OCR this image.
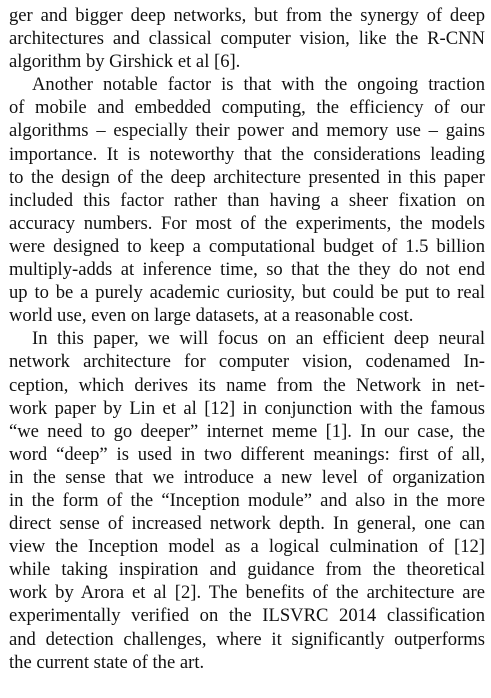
ger and bigger deep networks, but from the synergy of deep
architectures and classical computer vision, like the R-CNN
algorithm by Girshick et al [6].
Another notable factor is that with the ongoing traction
of mobile and embedded computing, the efficiency of our
algorithms – especially their power and memory use – gains
importance. It is noteworthy that the considerations leading
to the design of the deep architecture presented in this paper
included this factor rather than having a sheer fixation on
accuracy numbers. For most of the experiments, the models
were designed to keep a computational budget of 1.5 billion
multiply-adds at inference time, so that the they do not end
up to be a purely academic curiosity, but could be put to real
world use, even on large datasets, at a reasonable cost.
In this paper, we will focus on an efficient deep neural
network architecture for computer vision, codenamed In-
ception, which derives its name from the Network in net-
work paper by Lin et al [12] in conjunction with the famous
“we need to go deeper” internet meme [1]. In our case, the
word “deep” is used in two different meanings: first of all,
in the sense that we introduce a new level of organization
in the form of the “Inception module” and also in the more
direct sense of increased network depth. In general, one can
view the Inception model as a logical culmination of [12]
while taking inspiration and guidance from the theoretical
work by Arora et al [2]. The benefits of the architecture are
experimentally verified on the ILSVRC 2014 classification
and detection challenges, where it significantly outperforms
the current state of the art.
